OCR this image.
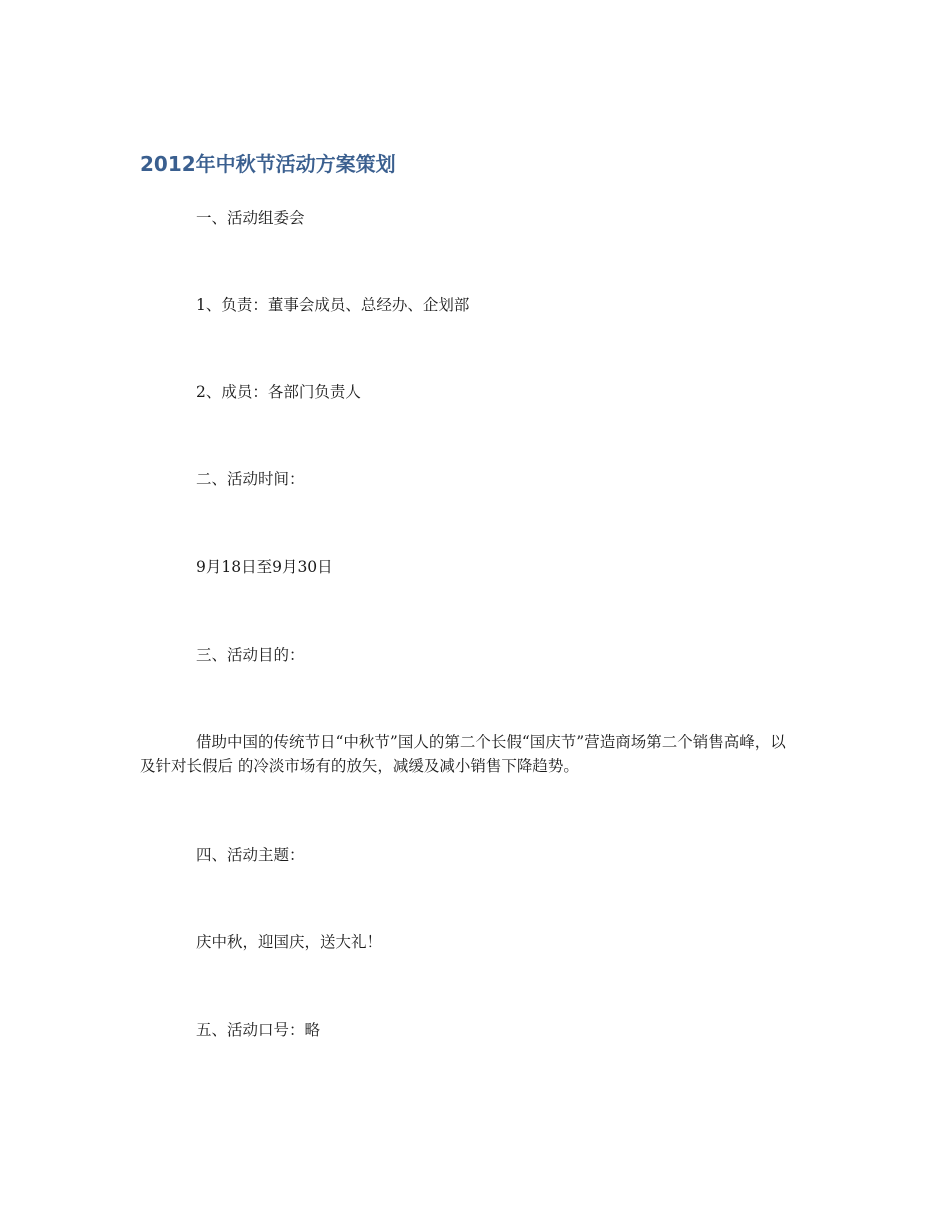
2012年中秋节活动方案策划
一、活动组委会
1、负责：董事会成员、总经办、企划部
2、成员：各部门负责人
二、活动时间：
9月18日至9月30日
三、活动目的：
借助中国的传统节日“中秋节”国人的第二个长假“国庆节”营造商场第二个销售高峰，以及针对长假后 的冷淡市场有的放矢，减缓及减小销售下降趋势。
四、活动主题：
庆中秋，迎国庆，送大礼！
五、活动口号：略
